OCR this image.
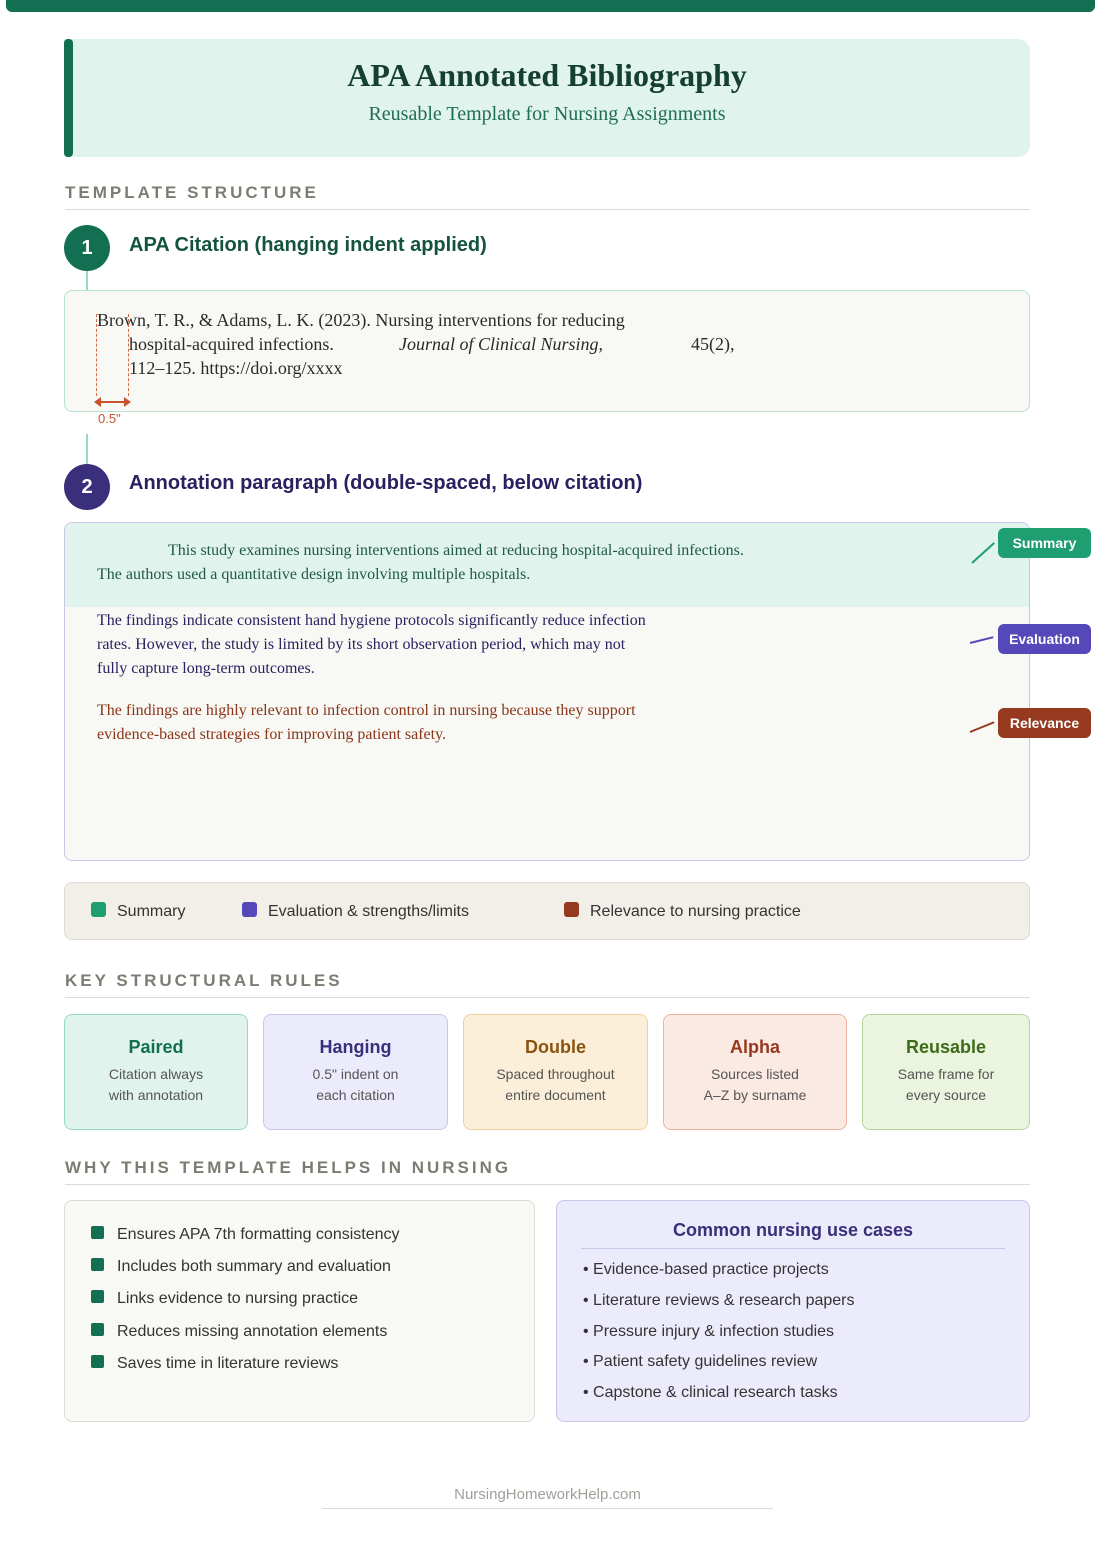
APA Annotated Bibliography
Reusable Template for Nursing Assignments
TEMPLATE STRUCTURE
1	APA Citation (hanging indent applied)
Brown, T. R., & Adams, L. K. (2023). Nursing interventions for reducing
hospital-acquired infections.	Journal of Clinical Nursing,	45(2),
112–125. https://doi.org/xxxx
0.5"
2	Annotation paragraph (double-spaced, below citation)
This study examines nursing interventions aimed at reducing hospital-acquired infections. The authors used a quantitative design involving multiple hospitals.
The findings indicate consistent hand hygiene protocols significantly reduce infection rates. However, the study is limited by its short observation period, which may not fully capture long-term outcomes.
The findings are highly relevant to infection control in nursing because they support evidence-based strategies for improving patient safety.
Summary
Evaluation
Relevance
Summary	Evaluation & strengths/limits	Relevance to nursing practice
KEY STRUCTURAL RULES
Paired
Citation always
with annotation
Hanging
0.5" indent on
each citation
Double
Spaced throughout
entire document
Alpha
Sources listed
A–Z by surname
Reusable
Same frame for
every source
WHY THIS TEMPLATE HELPS IN NURSING
Ensures APA 7th formatting consistency
Includes both summary and evaluation
Links evidence to nursing practice
Reduces missing annotation elements
Saves time in literature reviews
Common nursing use cases
• Evidence-based practice projects
• Literature reviews & research papers
• Pressure injury & infection studies
• Patient safety guidelines review
• Capstone & clinical research tasks
NursingHomeworkHelp.com
